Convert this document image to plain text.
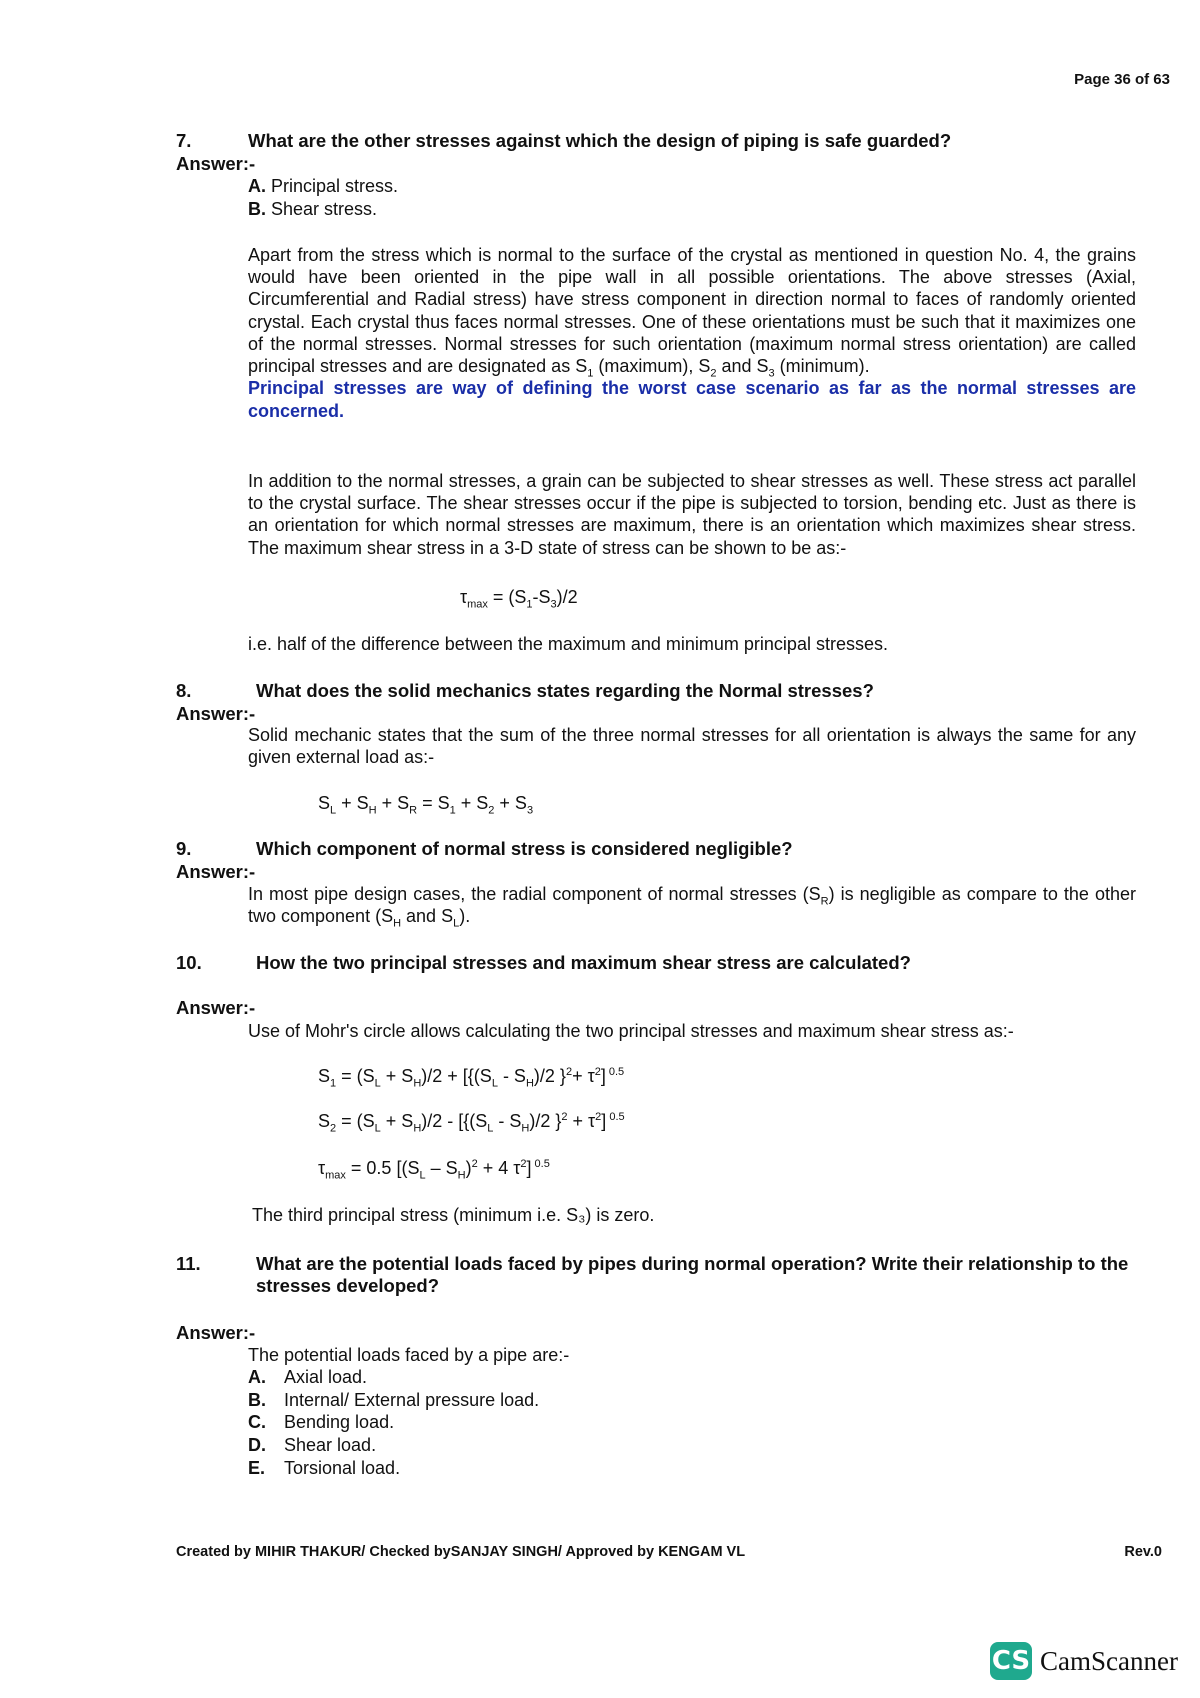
Page 36 of 63
7.	What are the other stresses against which the design of piping is safe guarded?
Answer:-
A. Principal stress.
B. Shear stress.
Apart from the stress which is normal to the surface of the crystal as mentioned in question No. 4, the grains would have been oriented in the pipe wall in all possible orientations. The above stresses (Axial, Circumferential and Radial stress) have stress component in direction normal to faces of randomly oriented crystal. Each crystal thus faces normal stresses. One of these orientations must be such that it maximizes one of the normal stresses. Normal stresses for such orientation (maximum normal stress orientation) are called principal stresses and are designated as $S_1$ (maximum), $S_2$ and $S_3$ (minimum).
Principal stresses are way of defining the worst case scenario as far as the normal stresses are concerned.
In addition to the normal stresses, a grain can be subjected to shear stresses as well. These stress act parallel to the crystal surface. The shear stresses occur if the pipe is subjected to torsion, bending etc. Just as there is an orientation for which normal stresses are maximum, there is an orientation which maximizes shear stress. The maximum shear stress in a 3-D state of stress can be shown to be as:-
$\tau_{max} = (S_1-S_3)/2$
i.e. half of the difference between the maximum and minimum principal stresses.
8.	What does the solid mechanics states regarding the Normal stresses?
Answer:-
Solid mechanic states that the sum of the three normal stresses for all orientation is always the same for any given external load as:-
$S_L + S_H + S_R = S_1 + S_2 + S_3$
9.	Which component of normal stress is considered negligible?
Answer:-
In most pipe design cases, the radial component of normal stresses $(S_R)$ is negligible as compare to the other two component ($S_H$ and $S_L$).
10.	How the two principal stresses and maximum shear stress are calculated?
Answer:-
Use of Mohr's circle allows calculating the two principal stresses and maximum shear stress as:-
$S_1 = (S_L + S_H)/2 + [\{(S_L - S_H)/2$ }$^2+ \tau^2$] $^{0.5}$
$S_2 = (S_L + S_H)/2 - [\{(S_L - S_H)/2$ }$^2 + \tau^2$] $^{0.5}$
$\tau_{max} = 0.5$ [$(S_L - S_H)^2 + 4$ $\tau^2$] $^{0.5}$
The third principal stress (minimum i.e. S₃) is zero.
11.	What are the potential loads faced by pipes during normal operation? Write their relationship to the stresses developed?
Answer:-
The potential loads faced by a pipe are:-
A. Axial load.
B. Internal/ External pressure load.
C. Bending load.
D. Shear load.
E. Torsional load.
Created by MIHIR THAKUR/ Checked bySANJAY SINGH/ Approved by KENGAM VL	Rev.0
CS CamScanner
